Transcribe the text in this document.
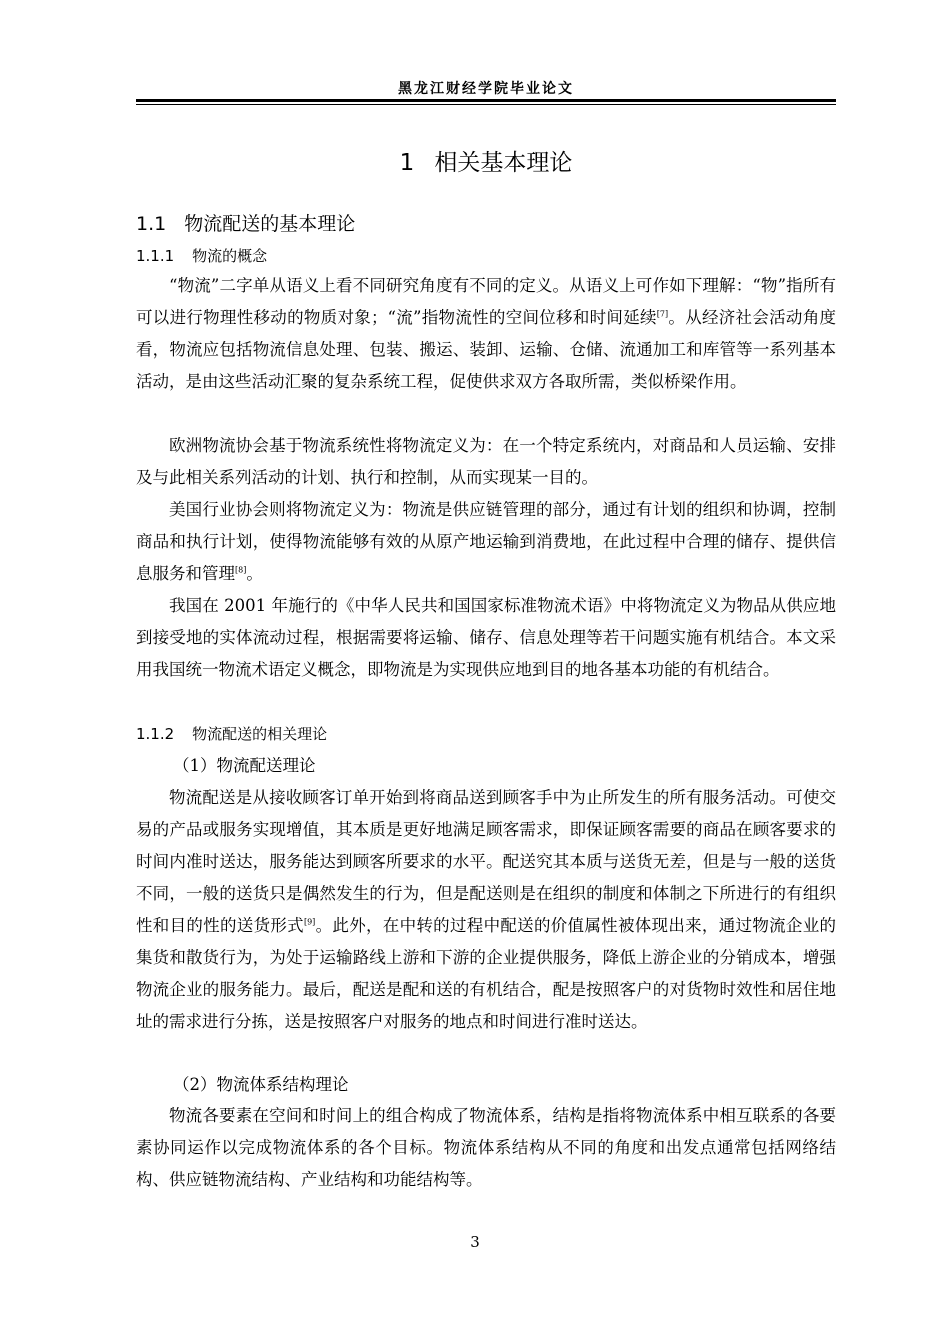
黑龙江财经学院毕业论文
1 相关基本理论
1.1 物流配送的基本理论
1.1.1 物流的概念

“物流”二字单从语义上看不同研究角度有不同的定义。从语义上可作如下理解：“物”指所有可以进行物理性移动的物质对象；“流”指物流性的空间位移和时间延续[7]。从经济社会活动角度看，物流应包括物流信息处理、包装、搬运、装卸、运输、仓储、流通加工和库管等一系列基本活动，是由这些活动汇聚的复杂系统工程，促使供求双方各取所需，类似桥梁作用。

欧洲物流协会基于物流系统性将物流定义为：在一个特定系统内，对商品和人员运输、安排及与此相关系列活动的计划、执行和控制，从而实现某一目的。

美国行业协会则将物流定义为：物流是供应链管理的部分，通过有计划的组织和协调，控制商品和执行计划，使得物流能够有效的从原产地运输到消费地，在此过程中合理的储存、提供信息服务和管理[8]。

我国在 2001 年施行的《中华人民共和国国家标准物流术语》中将物流定义为物品从供应地到接受地的实体流动过程，根据需要将运输、储存、信息处理等若干问题实施有机结合。本文采用我国统一物流术语定义概念，即物流是为实现供应地到目的地各基本功能的有机结合。

1.1.2 物流配送的相关理论
（1）物流配送理论

物流配送是从接收顾客订单开始到将商品送到顾客手中为止所发生的所有服务活动。可使交易的产品或服务实现增值，其本质是更好地满足顾客需求，即保证顾客需要的商品在顾客要求的时间内准时送达，服务能达到顾客所要求的水平。配送究其本质与送货无差，但是与一般的送货不同，一般的送货只是偶然发生的行为，但是配送则是在组织的制度和体制之下所进行的有组织性和目的性的送货形式[9]。此外，在中转的过程中配送的价值属性被体现出来，通过物流企业的集货和散货行为，为处于运输路线上游和下游的企业提供服务，降低上游企业的分销成本，增强物流企业的服务能力。最后，配送是配和送的有机结合，配是按照客户的对货物时效性和居住地址的需求进行分拣，送是按照客户对服务的地点和时间进行准时送达。

（2）物流体系结构理论

物流各要素在空间和时间上的组合构成了物流体系，结构是指将物流体系中相互联系的各要素协同运作以完成物流体系的各个目标。物流体系结构从不同的角度和出发点通常包括网络结构、供应链物流结构、产业结构和功能结构等。

3
